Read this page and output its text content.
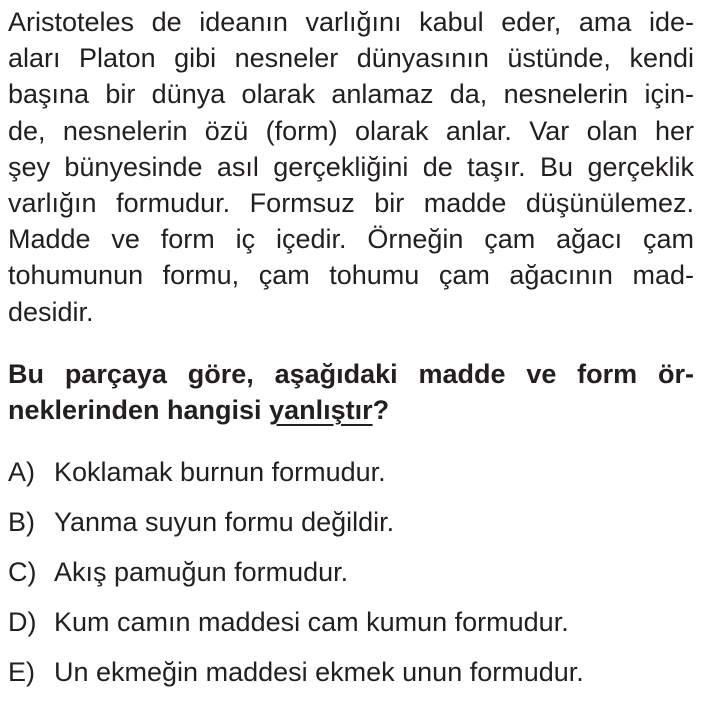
Aristoteles de ideanın varlığını kabul eder, ama ide-
aları Platon gibi nesneler dünyasının üstünde, kendi
başına bir dünya olarak anlamaz da, nesnelerin için-
de, nesnelerin özü (form) olarak anlar. Var olan her
şey bünyesinde asıl gerçekliğini de taşır. Bu gerçeklik
varlığın formudur. Formsuz bir madde düşünülemez.
Madde ve form iç içedir. Örneğin çam ağacı çam
tohumunun formu, çam tohumu çam ağacının mad-
desidir.
Bu parçaya göre, aşağıdaki madde ve form ör-
neklerinden hangisi yanlıştır?
A) Koklamak burnun formudur.
B) Yanma suyun formu değildir.
C) Akış pamuğun formudur.
D) Kum camın maddesi cam kumun formudur.
E) Un ekmeğin maddesi ekmek unun formudur.
